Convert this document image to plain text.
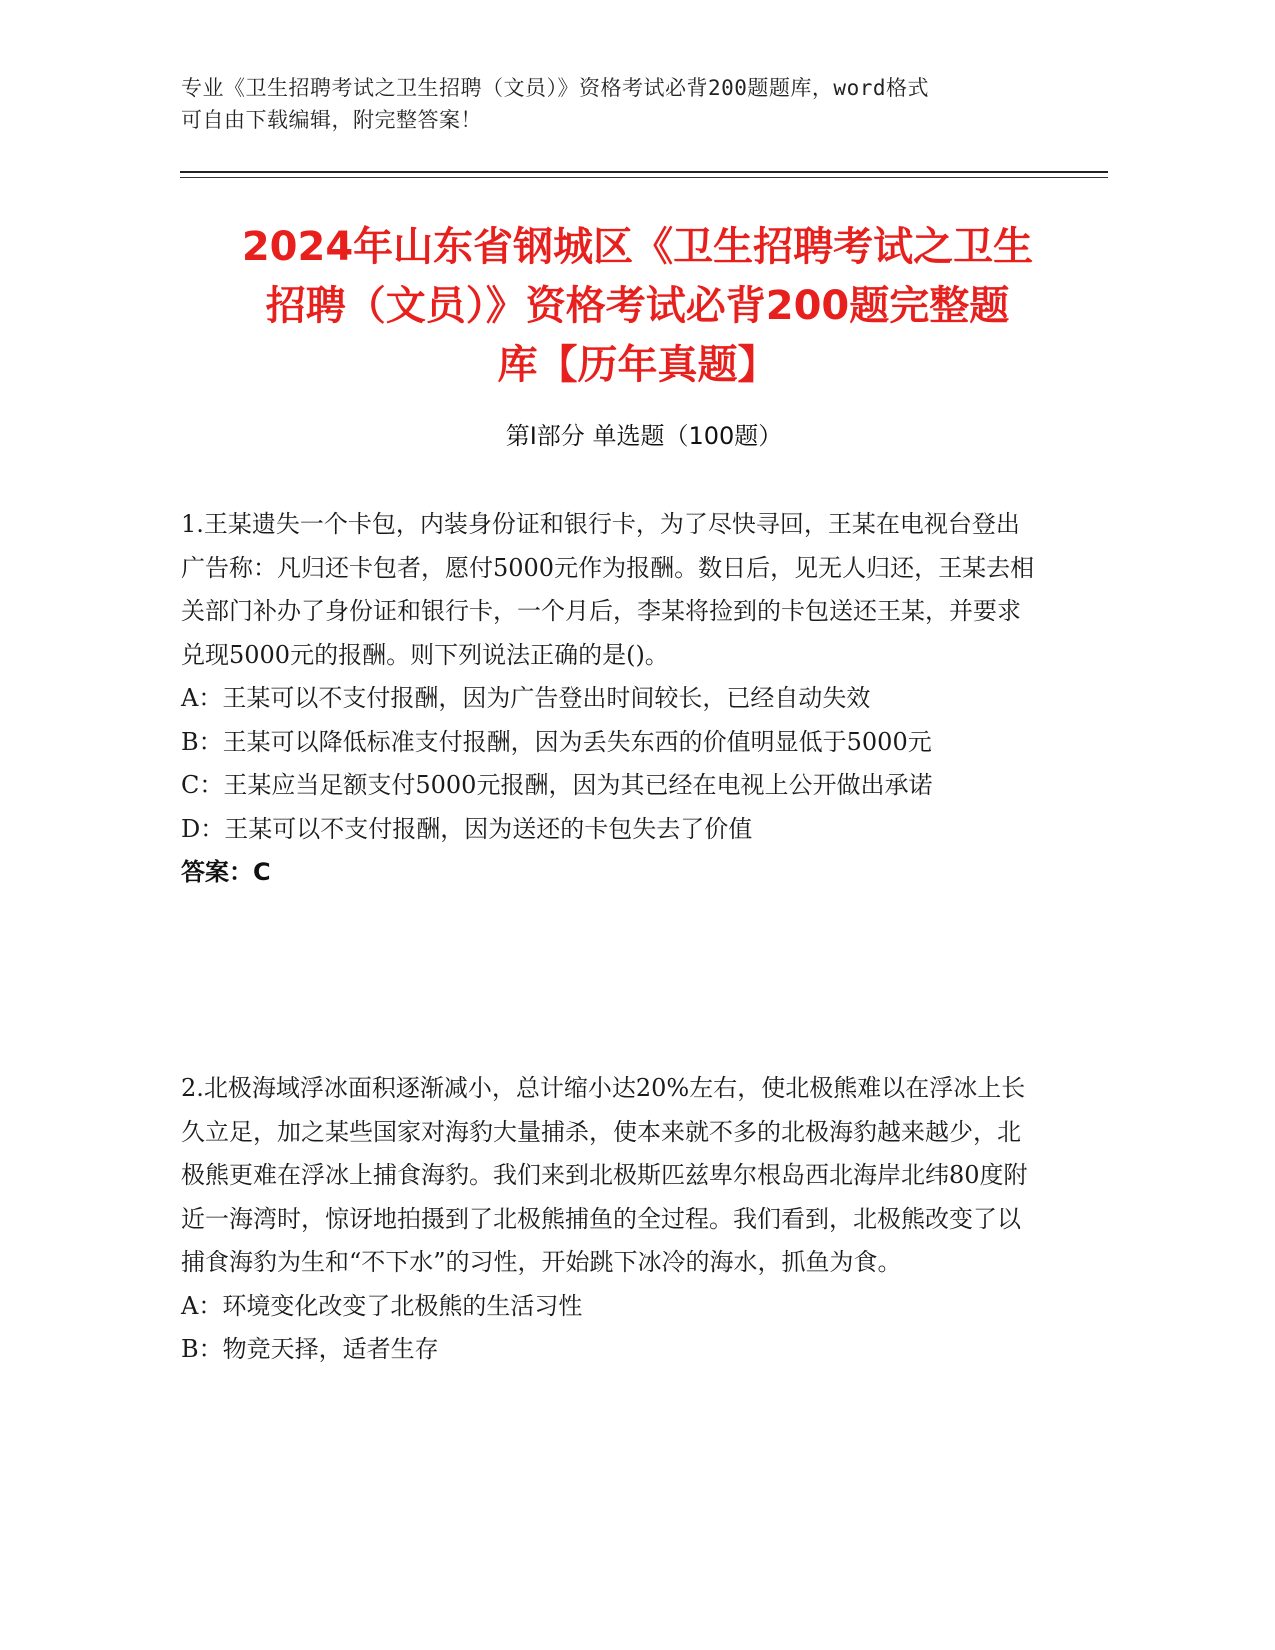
专业《卫生招聘考试之卫生招聘（文员）》资格考试必背200题题库，word格式
可自由下载编辑，附完整答案！
2024年山东省钢城区《卫生招聘考试之卫生
招聘（文员）》资格考试必背200题完整题
库【历年真题】
第Ⅰ部分 单选题（100题）

1.王某遗失一个卡包，内装身份证和银行卡，为了尽快寻回，王某在电视台登出广告称：凡归还卡包者，愿付5000元作为报酬。数日后，见无人归还，王某去相关部门补办了身份证和银行卡，一个月后，李某将捡到的卡包送还王某，并要求兑现5000元的报酬。则下列说法正确的是()。

A：王某可以不支付报酬，因为广告登出时间较长，已经自动失效

B：王某可以降低标准支付报酬，因为丢失东西的价值明显低于5000元

C：王某应当足额支付5000元报酬，因为其已经在电视上公开做出承诺

D：王某可以不支付报酬，因为送还的卡包失去了价值

答案：C

2.北极海域浮冰面积逐渐减小，总计缩小达20%左右，使北极熊难以在浮冰上长久立足，加之某些国家对海豹大量捕杀，使本来就不多的北极海豹越来越少，北极熊更难在浮冰上捕食海豹。我们来到北极斯匹兹卑尔根岛西北海岸北纬80度附近一海湾时，惊讶地拍摄到了北极熊捕鱼的全过程。我们看到，北极熊改变了以捕食海豹为生和“不下水”的习性，开始跳下冰冷的海水，抓鱼为食。

A：环境变化改变了北极熊的生活习性

B：物竞天择，适者生存
